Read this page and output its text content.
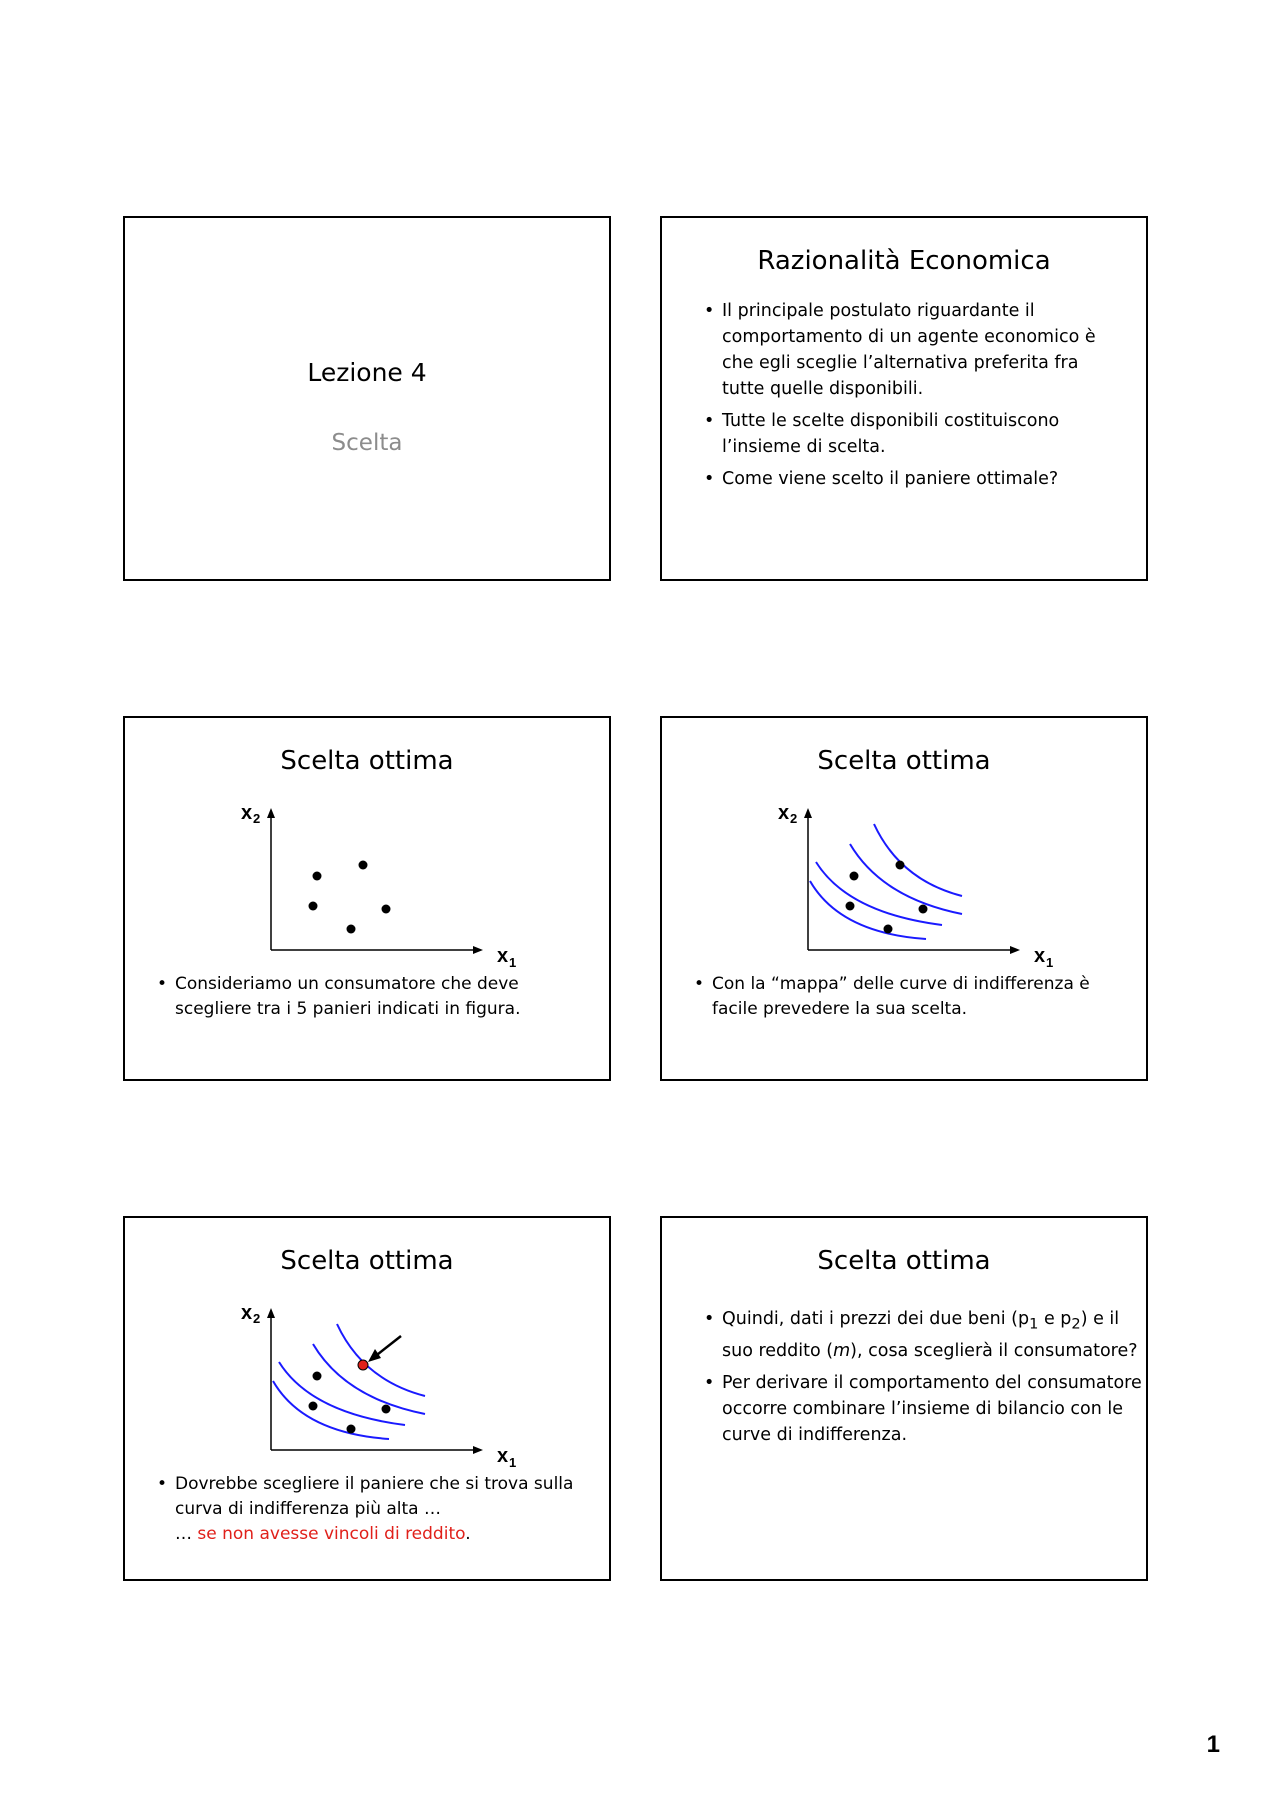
Lezione 4
Scelta
Razionalità Economica
• Il principale postulato riguardante il comportamento di un agente economico è che egli sceglie l’alternativa preferita fra tutte quelle disponibili.
• Tutte le scelte disponibili costituiscono l’insieme di scelta.
• Come viene scelto il paniere ottimale?
Scelta ottima
x 2
x 1
• Consideriamo un consumatore che deve scegliere tra i 5 panieri indicati in figura.
Scelta ottima
x 2
x 1
• Con la “mappa” delle curve di indifferenza è facile prevedere la sua scelta.
Scelta ottima
x 2
x 1
• Dovrebbe scegliere il paniere che si trova sulla curva di indifferenza più alta …
… se non avesse vincoli di reddito.
Scelta ottima
• Quindi, dati i prezzi dei due beni ($p_1$ e $p_2$) e il suo reddito (m), cosa sceglierà il consumatore?
• Per derivare il comportamento del consumatore occorre combinare l’insieme di bilancio con le curve di indifferenza.
1
